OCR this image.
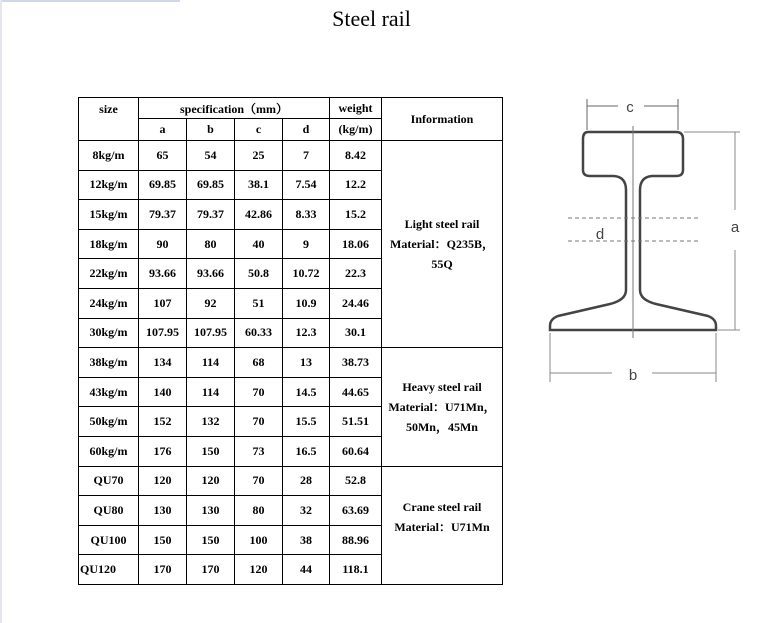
Steel rail
size	specification（mm）				weight	Information
	a	b	c	d	(kg/m)	
8kg/m	65	54	25	7	8.42	Light steel rail
Material：Q235B，
55Q

12kg/m	69.85	69.85	38.1	7.54	12.2	
15kg/m	79.37	79.37	42.86	8.33	15.2	
18kg/m	90	80	40	9	18.06	
22kg/m	93.66	93.66	50.8	10.72	22.3	
24kg/m	107	92	51	10.9	24.46	
30kg/m	107.95	107.95	60.33	12.3	30.1	
38kg/m	134	114	68	13	38.73	Heavy steel rail
Material：U71Mn，
50Mn，45Mn

43kg/m	140	114	70	14.5	44.65	
50kg/m	152	132	70	15.5	51.51	
60kg/m	176	150	73	16.5	60.64	
QU70	120	120	70	28	52.8	Crane steel rail
Material：U71Mn

QU80	130	130	80	32	63.69	
QU100	150	150	100	38	88.96	
QU120	170	170	120	44	118.1	
c
d	a
b
